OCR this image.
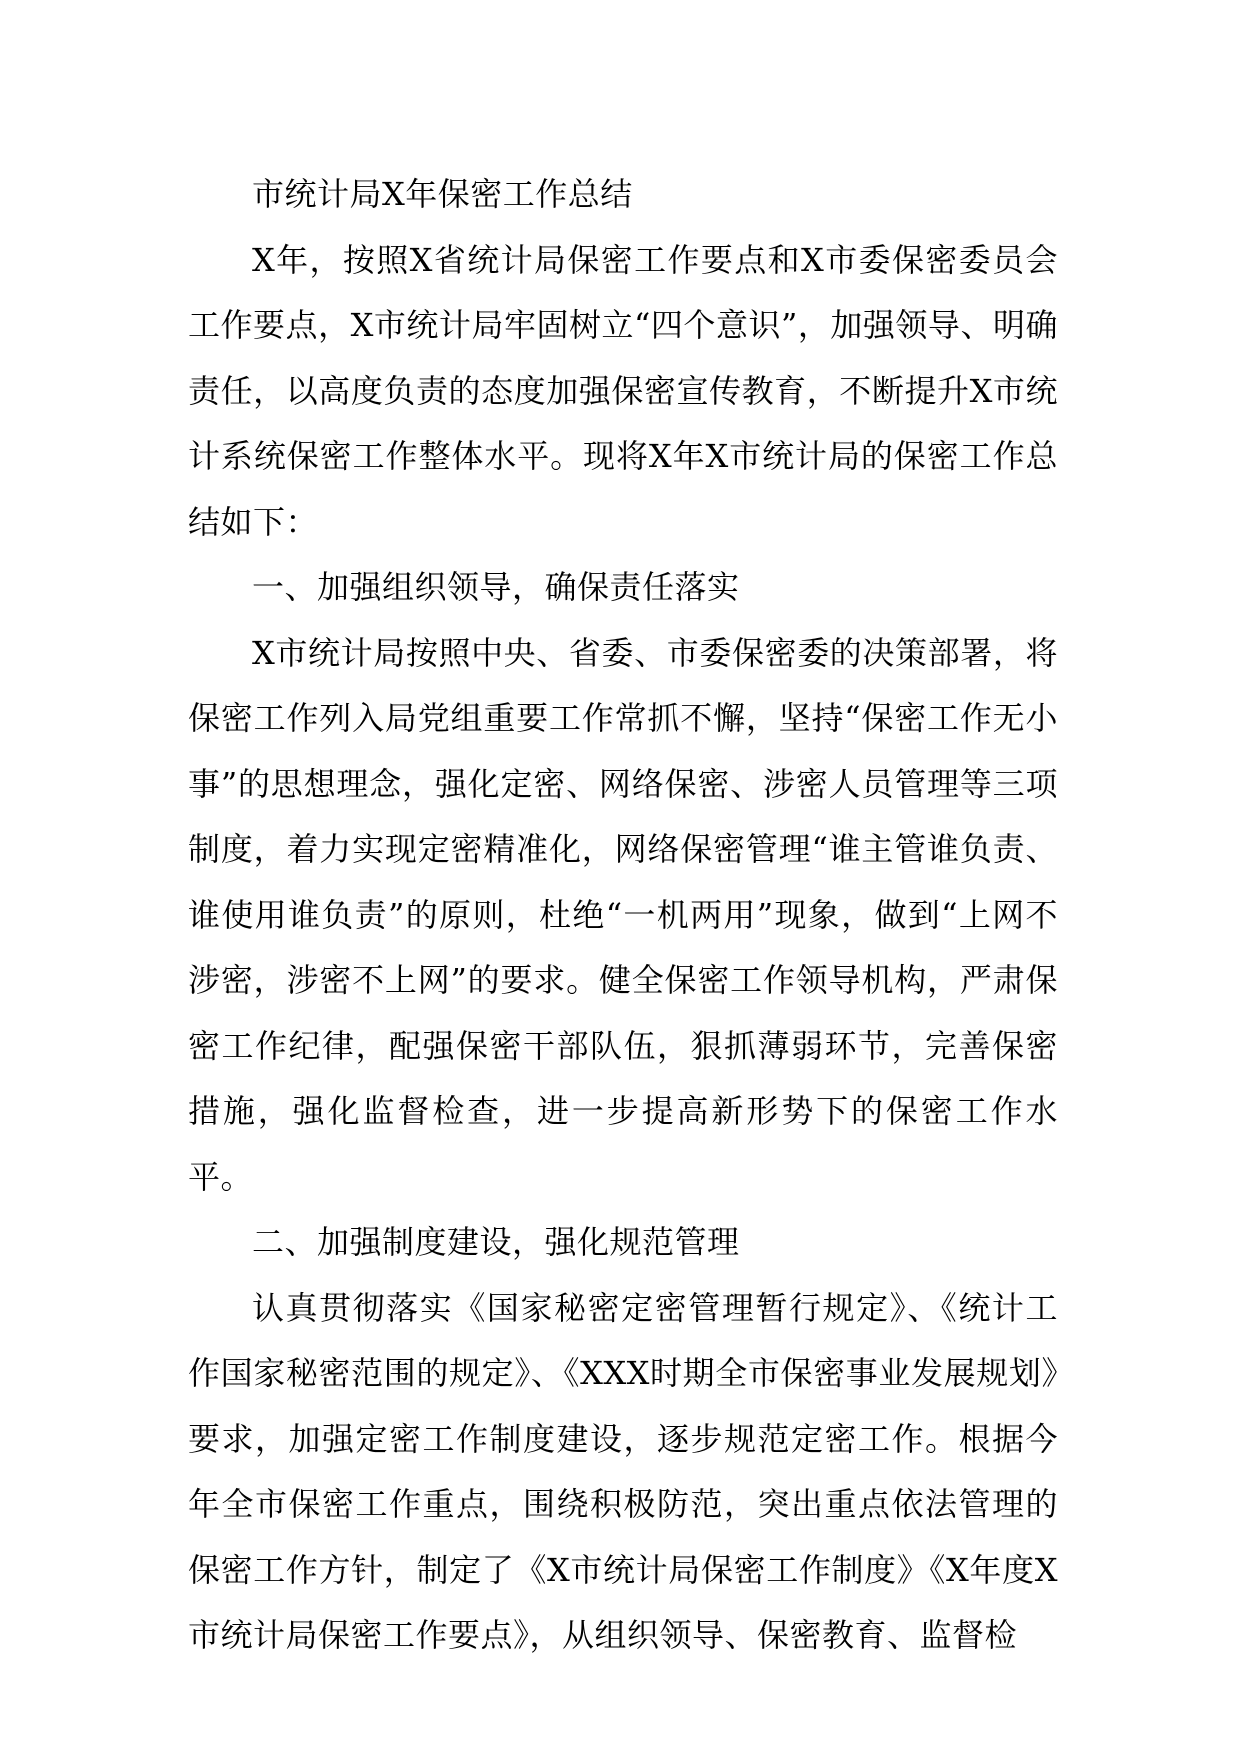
市统计局X年保密工作总结

X年，按照X省统计局保密工作要点和X市委保密委员会工作要点，X市统计局牢固树立“四个意识”，加强领导、明确责任，以高度负责的态度加强保密宣传教育，不断提升X市统计系统保密工作整体水平。现将X年X市统计局的保密工作总结如下：

一、加强组织领导，确保责任落实

X市统计局按照中央、省委、市委保密委的决策部署，将保密工作列入局党组重要工作常抓不懈，坚持“保密工作无小事”的思想理念，强化定密、网络保密、涉密人员管理等三项制度，着力实现定密精准化，网络保密管理“谁主管谁负责、谁使用谁负责”的原则，杜绝“一机两用”现象，做到“上网不涉密，涉密不上网”的要求。健全保密工作领导机构，严肃保密工作纪律，配强保密干部队伍，狠抓薄弱环节，完善保密措施，强化监督检查，进一步提高新形势下的保密工作水平。

二、加强制度建设，强化规范管理

认真贯彻落实《国家秘密定密管理暂行规定》、《统计工作国家秘密范围的规定》、《XXX时期全市保密事业发展规划》要求，加强定密工作制度建设，逐步规范定密工作。根据今年全市保密工作重点，围绕积极防范，突出重点依法管理的保密工作方针，制定了《X市统计局保密工作制度》《X年度X市统计局保密工作要点》，从组织领导、保密教育、监督检
